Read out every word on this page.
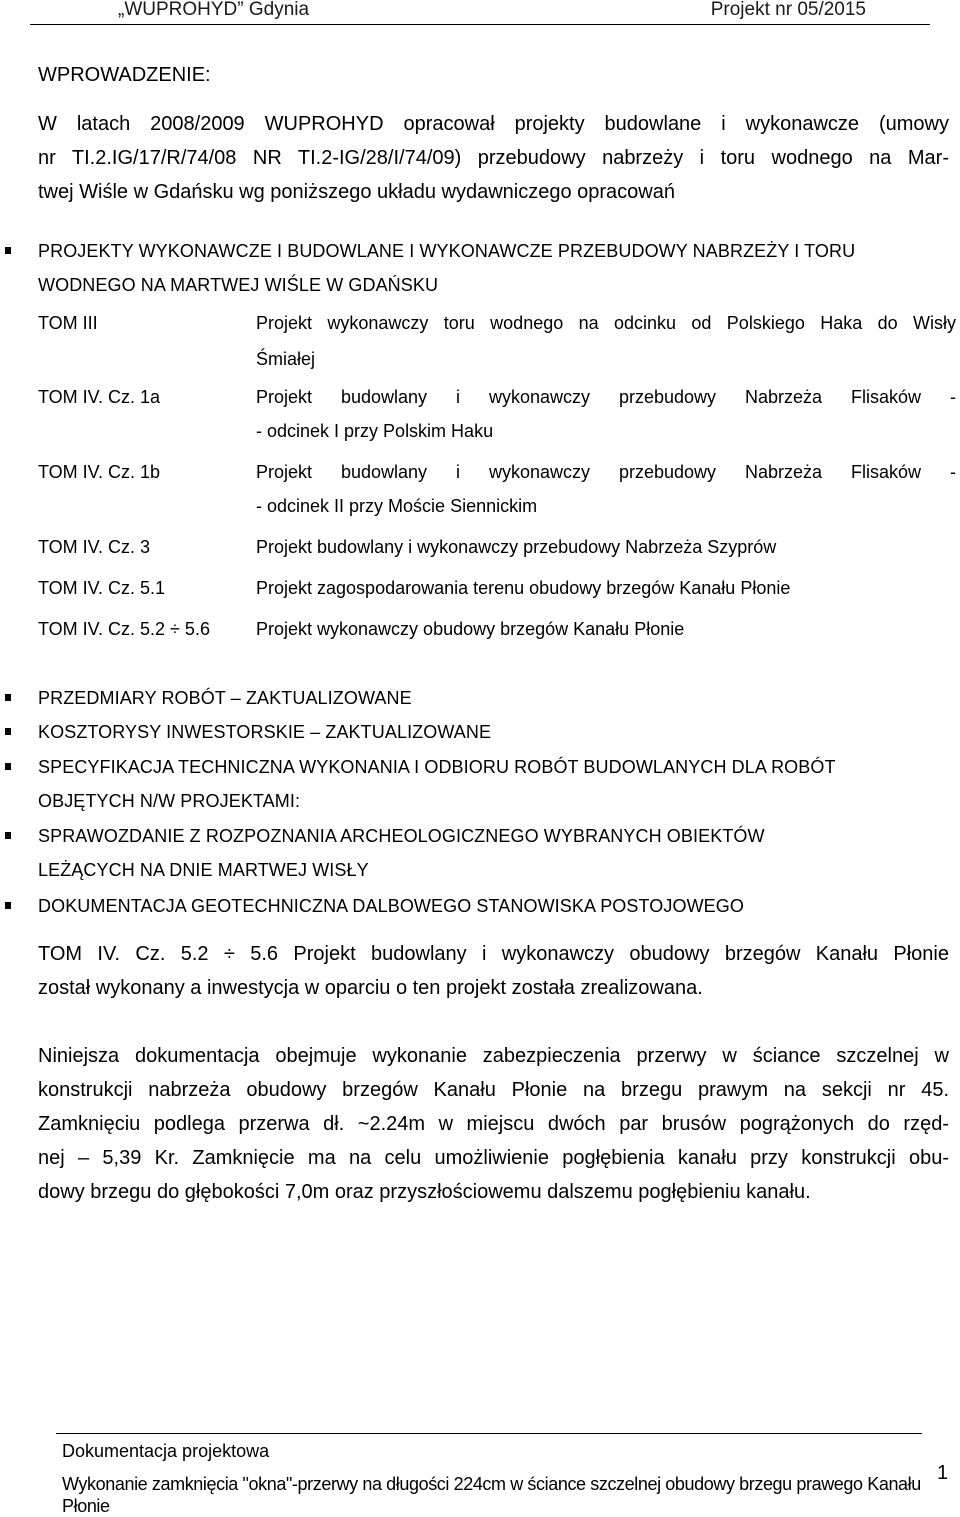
„WUPROHYD” Gdynia	Projekt nr 05/2015
WPROWADZENIE:
W latach 2008/2009 WUPROHYD opracował projekty budowlane i wykonawcze (umowy
nr TI.2.IG/17/R/74/08 NR TI.2-IG/28/I/74/09) przebudowy nabrzeży i toru wodnego na Mar-
twej Wiśle w Gdańsku wg poniższego układu wydawniczego opracowań
PROJEKTY WYKONAWCZE I BUDOWLANE I WYKONAWCZE PRZEBUDOWY NABRZEŻY I TORU
WODNEGO NA MARTWEJ WIŚLE W GDAŃSKU
TOM III	Projekt wykonawczy toru wodnego na odcinku od Polskiego Haka do Wisły
Śmiałej
TOM IV. Cz. 1a	Projekt budowlany i wykonawczy przebudowy Nabrzeża Flisaków -
- odcinek I przy Polskim Haku
TOM IV. Cz. 1b	Projekt budowlany i wykonawczy przebudowy Nabrzeża Flisaków -
- odcinek II przy Moście Siennickim
TOM IV. Cz. 3	Projekt budowlany i wykonawczy przebudowy Nabrzeża Szyprów
TOM IV. Cz. 5.1	Projekt zagospodarowania terenu obudowy brzegów Kanału Płonie
TOM IV. Cz. 5.2 ÷ 5.6	Projekt wykonawczy obudowy brzegów Kanału Płonie
PRZEDMIARY ROBÓT – ZAKTUALIZOWANE
KOSZTORYSY INWESTORSKIE – ZAKTUALIZOWANE
SPECYFIKACJA TECHNICZNA WYKONANIA I ODBIORU ROBÓT BUDOWLANYCH DLA ROBÓT
OBJĘTYCH N/W PROJEKTAMI:
SPRAWOZDANIE Z ROZPOZNANIA ARCHEOLOGICZNEGO WYBRANYCH OBIEKTÓW
LEŻĄCYCH NA DNIE MARTWEJ WISŁY
DOKUMENTACJA GEOTECHNICZNA DALBOWEGO STANOWISKA POSTOJOWEGO
TOM IV. Cz. 5.2 ÷ 5.6 Projekt budowlany i wykonawczy obudowy brzegów Kanału Płonie
został wykonany a inwestycja w oparciu o ten projekt została zrealizowana.
Niniejsza dokumentacja obejmuje wykonanie zabezpieczenia przerwy w ściance szczelnej w
konstrukcji nabrzeża obudowy brzegów Kanału Płonie na brzegu prawym na sekcji nr 45.
Zamknięciu podlega przerwa dł. ~2.24m w miejscu dwóch par brusów pogrążonych do rzęd-
nej – 5,39 Kr. Zamknięcie ma na celu umożliwienie pogłębienia kanału przy konstrukcji obu-
dowy brzegu do głębokości 7,0m oraz przyszłościowemu dalszemu pogłębieniu kanału.
Dokumentacja projektowa
Wykonanie zamknięcia "okna"-przerwy na długości 224cm w ściance szczelnej obudowy brzegu prawego Kanału Płonie
1
